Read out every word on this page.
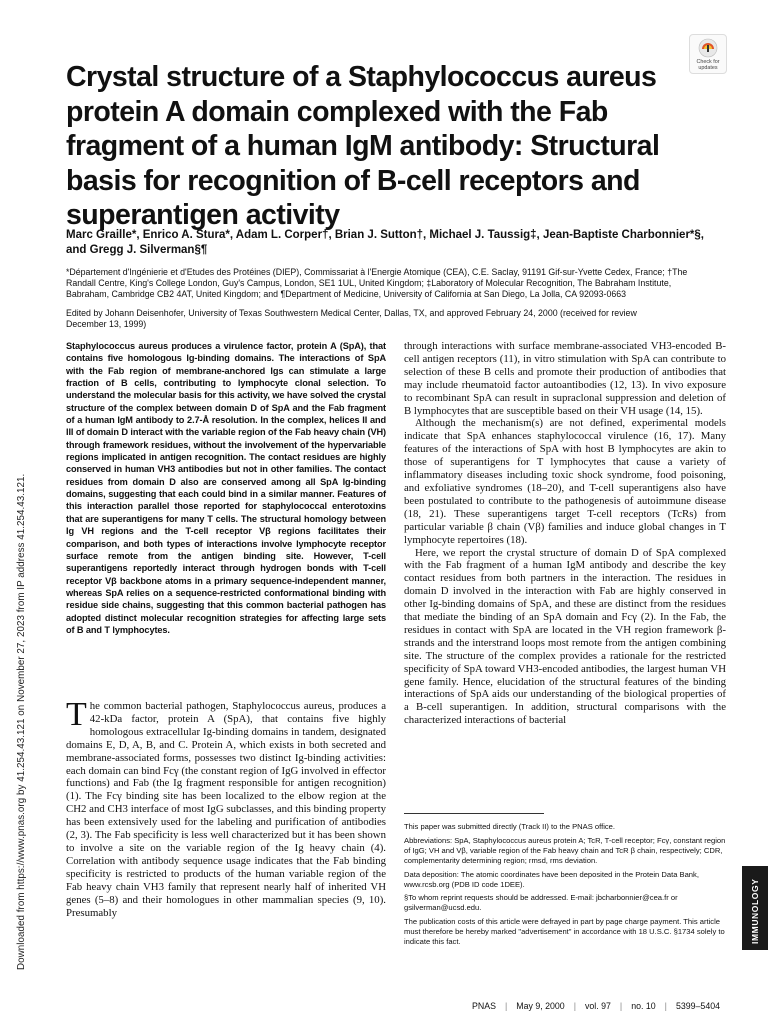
Downloaded from https://www.pnas.org by 41.254.43.121 on November 27, 2023 from IP address 41.254.43.121.
Check for updates
Crystal structure of a Staphylococcus aureus protein A domain complexed with the Fab fragment of a human IgM antibody: Structural basis for recognition of B-cell receptors and superantigen activity
Marc Graille*, Enrico A. Stura*, Adam L. Corper†, Brian J. Sutton†, Michael J. Taussig‡, Jean-Baptiste Charbonnier*§, and Gregg J. Silverman§¶
*Département d'Ingénierie et d'Etudes des Protéines (DIEP), Commissariat à l'Energie Atomique (CEA), C.E. Saclay, 91191 Gif-sur-Yvette Cedex, France; †The Randall Centre, King's College London, Guy's Campus, London, SE1 1UL, United Kingdom; ‡Laboratory of Molecular Recognition, The Babraham Institute, Babraham, Cambridge CB2 4AT, United Kingdom; and ¶Department of Medicine, University of California at San Diego, La Jolla, CA 92093-0663
Edited by Johann Deisenhofer, University of Texas Southwestern Medical Center, Dallas, TX, and approved February 24, 2000 (received for review December 13, 1999)
Staphylococcus aureus produces a virulence factor, protein A (SpA), that contains five homologous Ig-binding domains. The interactions of SpA with the Fab region of membrane-anchored Igs can stimulate a large fraction of B cells, contributing to lymphocyte clonal selection. To understand the molecular basis for this activity, we have solved the crystal structure of the complex between domain D of SpA and the Fab fragment of a human IgM antibody to 2.7-Å resolution. In the complex, helices II and III of domain D interact with the variable region of the Fab heavy chain (VH) through framework residues, without the involvement of the hypervariable regions implicated in antigen recognition. The contact residues are highly conserved in human VH3 antibodies but not in other families. The contact residues from domain D also are conserved among all SpA Ig-binding domains, suggesting that each could bind in a similar manner. Features of this interaction parallel those reported for staphylococcal enterotoxins that are superantigens for many T cells. The structural homology between Ig VH regions and the T-cell receptor Vβ regions facilitates their comparison, and both types of interactions involve lymphocyte receptor surface remote from the antigen binding site. However, T-cell superantigens reportedly interact through hydrogen bonds with T-cell receptor Vβ backbone atoms in a primary sequence-independent manner, whereas SpA relies on a sequence-restricted conformational binding with residue side chains, suggesting that this common bacterial pathogen has adopted distinct molecular recognition strategies for affecting large sets of B and T lymphocytes.
The common bacterial pathogen, Staphylococcus aureus, produces a 42-kDa factor, protein A (SpA), that contains five highly homologous extracellular Ig-binding domains in tandem, designated domains E, D, A, B, and C. Protein A, which exists in both secreted and membrane-associated forms, possesses two distinct Ig-binding activities: each domain can bind Fcγ (the constant region of IgG involved in effector functions) and Fab (the Ig fragment responsible for antigen recognition) (1). The Fcγ binding site has been localized to the elbow region at the CH2 and CH3 interface of most IgG subclasses, and this binding property has been extensively used for the labeling and purification of antibodies (2, 3). The Fab specificity is less well characterized but it has been shown to involve a site on the variable region of the Ig heavy chain (4). Correlation with antibody sequence usage indicates that the Fab binding specificity is restricted to products of the human variable region of the Fab heavy chain VH3 family that represent nearly half of inherited VH genes (5–8) and their homologues in other mammalian species (9, 10). Presumably

through interactions with surface membrane-associated VH3-encoded B-cell antigen receptors (11), in vitro stimulation with SpA can contribute to selection of these B cells and promote their production of antibodies that may include rheumatoid factor autoantibodies (12, 13). In vivo exposure to recombinant SpA can result in supraclonal suppression and deletion of B lymphocytes that are susceptible based on their VH usage (14, 15).

Although the mechanism(s) are not defined, experimental models indicate that SpA enhances staphylococcal virulence (16, 17). Many features of the interactions of SpA with host B lymphocytes are akin to those of superantigens for T lymphocytes that cause a variety of inflammatory diseases including toxic shock syndrome, food poisoning, and exfoliative syndromes (18–20), and T-cell superantigens also have been postulated to contribute to the pathogenesis of autoimmune disease (18, 21). These superantigens target T-cell receptors (TcRs) from particular variable β chain (Vβ) families and induce global changes in T lymphocyte repertoires (18).

Here, we report the crystal structure of domain D of SpA complexed with the Fab fragment of a human IgM antibody and describe the key contact residues from both partners in the interaction. The residues in domain D involved in the interaction with Fab are highly conserved in other Ig-binding domains of SpA, and these are distinct from the residues that mediate the binding of an SpA domain and Fcγ (2). In the Fab, the residues in contact with SpA are located in the VH region framework β-strands and the interstrand loops most remote from the antigen combining site. The structure of the complex provides a rationale for the restricted specificity of SpA toward VH3-encoded antibodies, the largest human VH gene family. Hence, elucidation of the structural features of the binding interactions of SpA aids our understanding of the biological properties of a B-cell superantigen. In addition, structural comparisons with the characterized interactions of bacterial

This paper was submitted directly (Track II) to the PNAS office.

Abbreviations: SpA, Staphylococcus aureus protein A; TcR, T-cell receptor; Fcγ, constant region of IgG; VH and Vβ, variable region of the Fab heavy chain and TcR β chain, respectively; CDR, complementarity determining region; rmsd, rms deviation.

Data deposition: The atomic coordinates have been deposited in the Protein Data Bank, www.rcsb.org (PDB ID code 1DEE).

§To whom reprint requests should be addressed. E-mail: jbcharbonnier@cea.fr or gsilverman@ucsd.edu.

The publication costs of this article were defrayed in part by page charge payment. This article must therefore be hereby marked "advertisement" in accordance with 18 U.S.C. §1734 solely to indicate this fact.	IMMUNOLOGY
PNAS | May 9, 2000 | vol. 97 | no. 10 | 5399–5404
